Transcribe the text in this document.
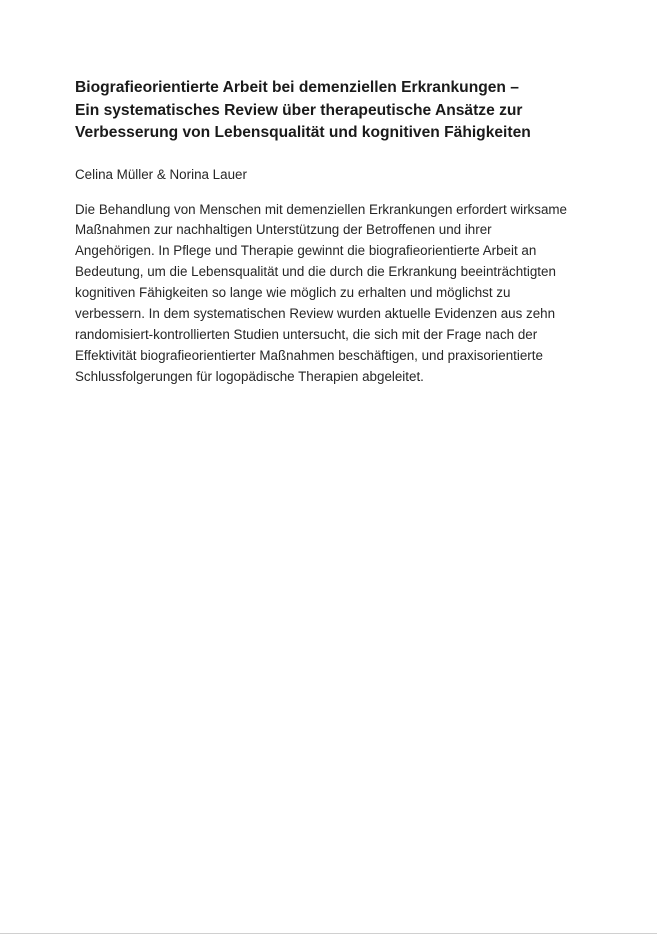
Biografieorientierte Arbeit bei demenziellen Erkrankungen –
Ein systematisches Review über therapeutische Ansätze zur
Verbesserung von Lebensqualität und kognitiven Fähigkeiten

Celina Müller & Norina Lauer

Die Behandlung von Menschen mit demenziellen Erkrankungen erfordert wirksame
Maßnahmen zur nachhaltigen Unterstützung der Betroffenen und ihrer
Angehörigen. In Pflege und Therapie gewinnt die biografieorientierte Arbeit an
Bedeutung, um die Lebensqualität und die durch die Erkrankung beeinträchtigten
kognitiven Fähigkeiten so lange wie möglich zu erhalten und möglichst zu
verbessern. In dem systematischen Review wurden aktuelle Evidenzen aus zehn
randomisiert-kontrollierten Studien untersucht, die sich mit der Frage nach der
Effektivität biografieorientierter Maßnahmen beschäftigen, und praxisorientierte
Schlussfolgerungen für logopädische Therapien abgeleitet.
